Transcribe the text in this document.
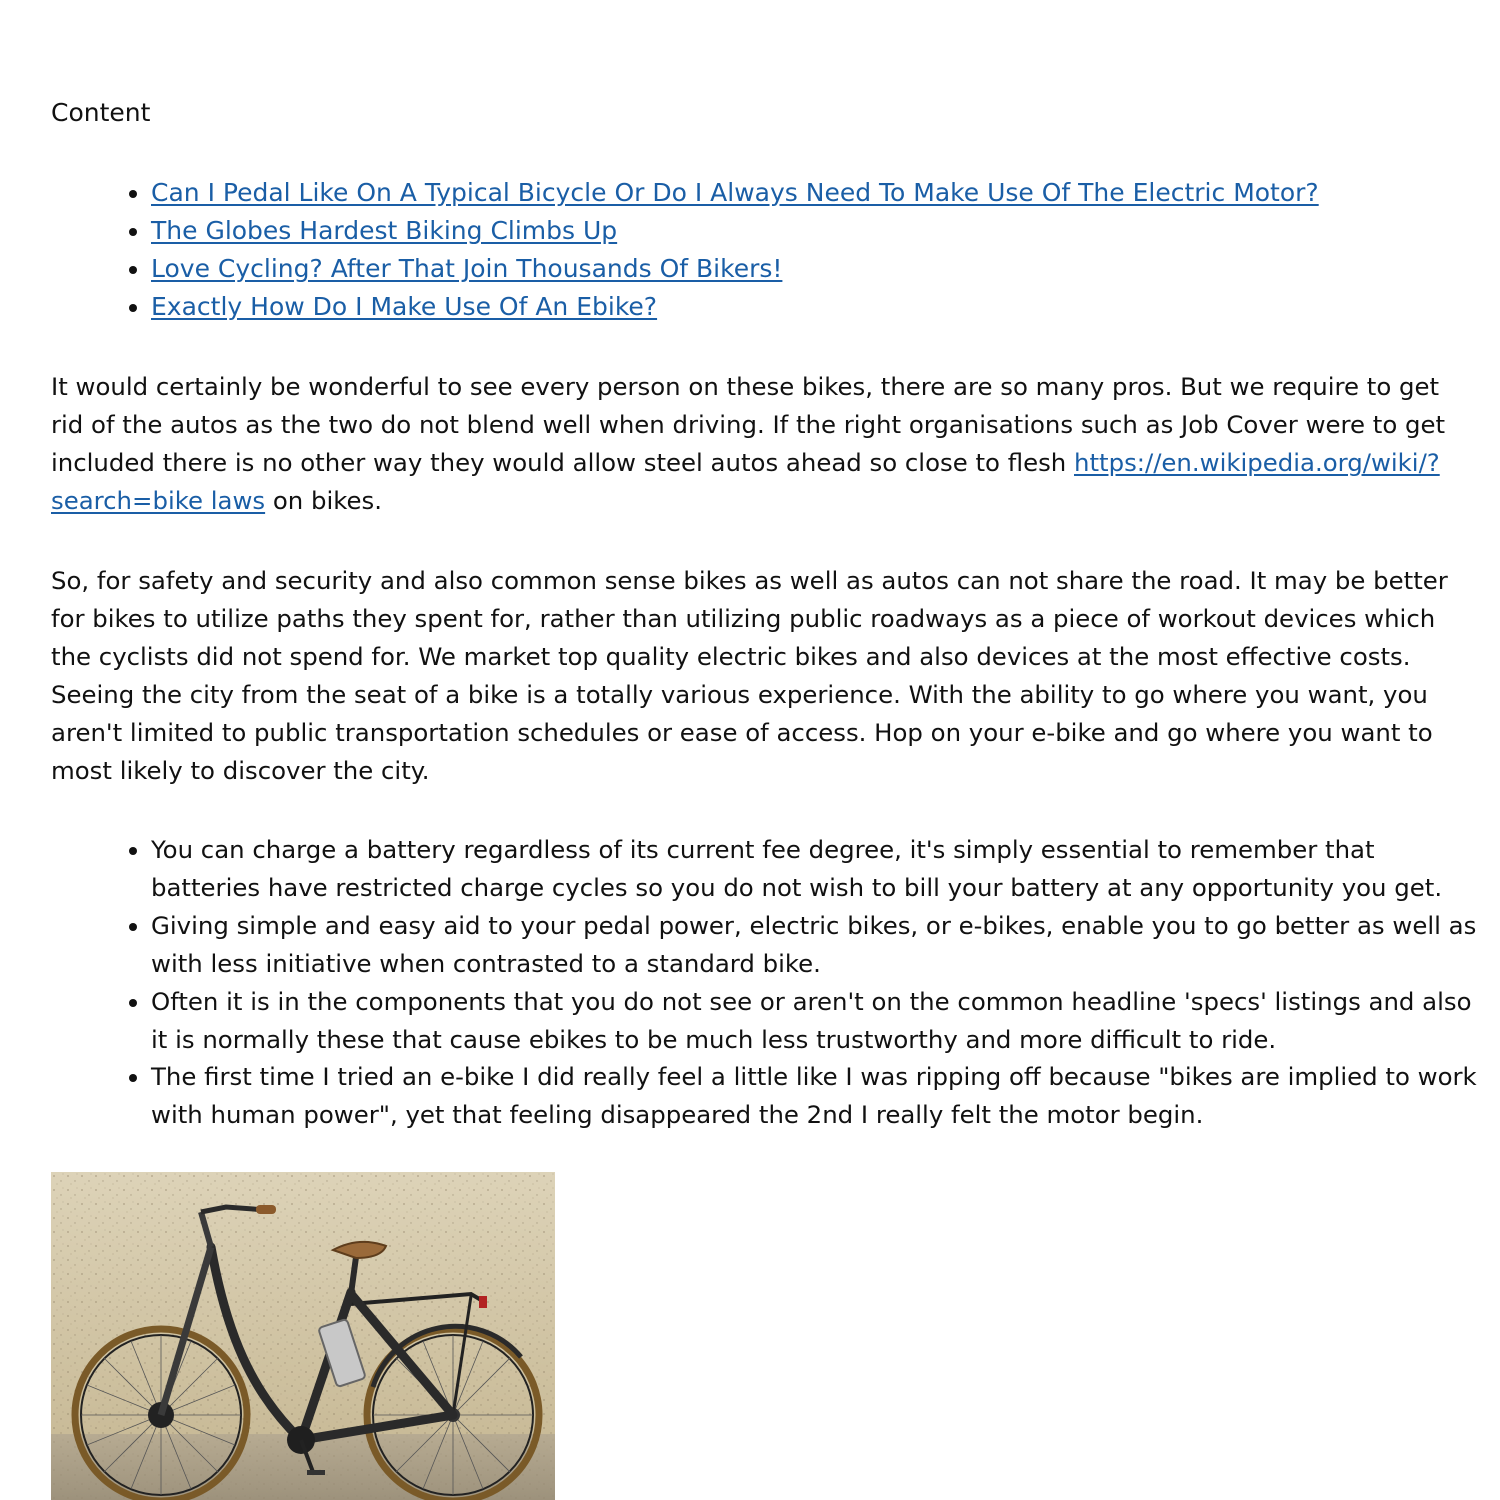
Content

• Can I Pedal Like On A Typical Bicycle Or Do I Always Need To Make Use Of The Electric Motor?
• The Globes Hardest Biking Climbs Up
• Love Cycling? After That Join Thousands Of Bikers!
• Exactly How Do I Make Use Of An Ebike?

It would certainly be wonderful to see every person on these bikes, there are so many pros. But we require to get rid of the autos as the two do not blend well when driving. If the right organisations such as Job Cover were to get included there is no other way they would allow steel autos ahead so close to flesh https://en.wikipedia.org/wiki/?search=bike laws on bikes.

So, for safety and security and also common sense bikes as well as autos can not share the road. It may be better for bikes to utilize paths they spent for, rather than utilizing public roadways as a piece of workout devices which the cyclists did not spend for. We market top quality electric bikes and also devices at the most effective costs. Seeing the city from the seat of a bike is a totally various experience. With the ability to go where you want, you aren't limited to public transportation schedules or ease of access. Hop on your e-bike and go where you want to most likely to discover the city.

• You can charge a battery regardless of its current fee degree, it's simply essential to remember that batteries have restricted charge cycles so you do not wish to bill your battery at any opportunity you get.
• Giving simple and easy aid to your pedal power, electric bikes, or e-bikes, enable you to go better as well as with less initiative when contrasted to a standard bike.
• Often it is in the components that you do not see or aren't on the common headline 'specs' listings and also it is normally these that cause ebikes to be much less trustworthy and more difficult to ride.
• The first time I tried an e-bike I did really feel a little like I was ripping off because "bikes are implied to work with human power", yet that feeling disappeared the 2nd I really felt the motor begin.
